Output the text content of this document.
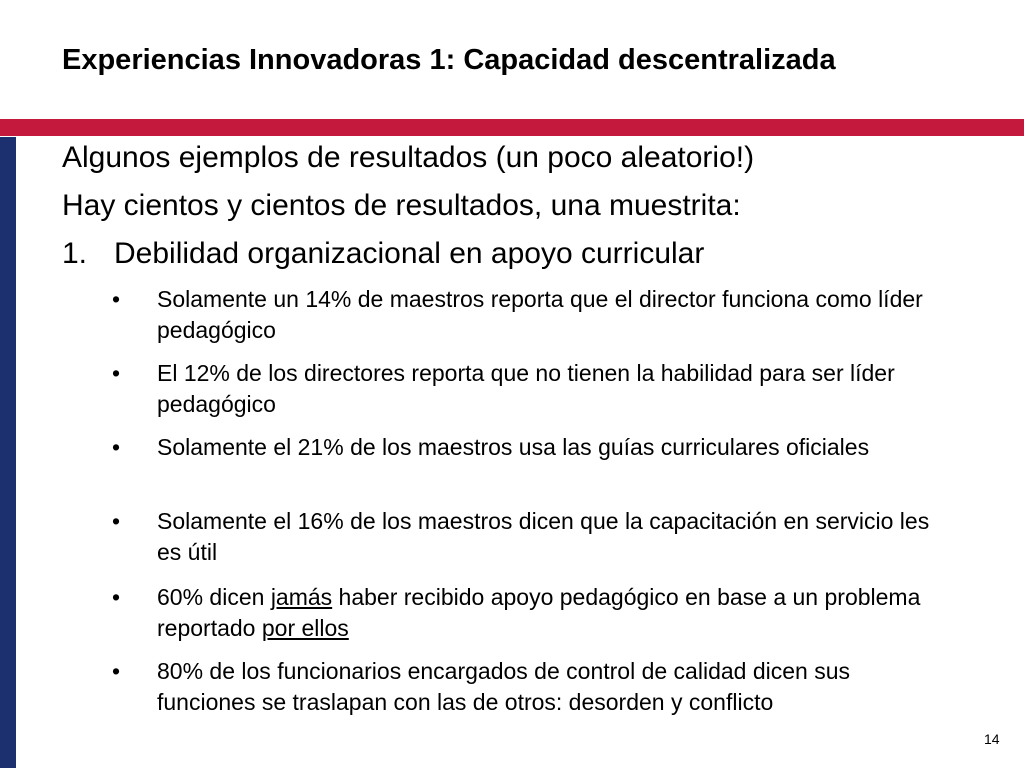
Experiencias Innovadoras 1: Capacidad descentralizada
Algunos ejemplos de resultados (un poco aleatorio!)
Hay cientos y cientos de resultados, una muestrita:
1. Debilidad organizacional en apoyo curricular
• Solamente un 14% de maestros reporta que el director funciona como líder pedagógico
• El 12% de los directores reporta que no tienen la habilidad para ser líder pedagógico
• Solamente el 21% de los maestros usa las guías curriculares oficiales
• Solamente el 16% de los maestros dicen que la capacitación en servicio les es útil
• 60% dicen jamás haber recibido apoyo pedagógico en base a un problema reportado por ellos
• 80% de los funcionarios encargados de control de calidad dicen sus funciones se traslapan con las de otros: desorden y conflicto
14
